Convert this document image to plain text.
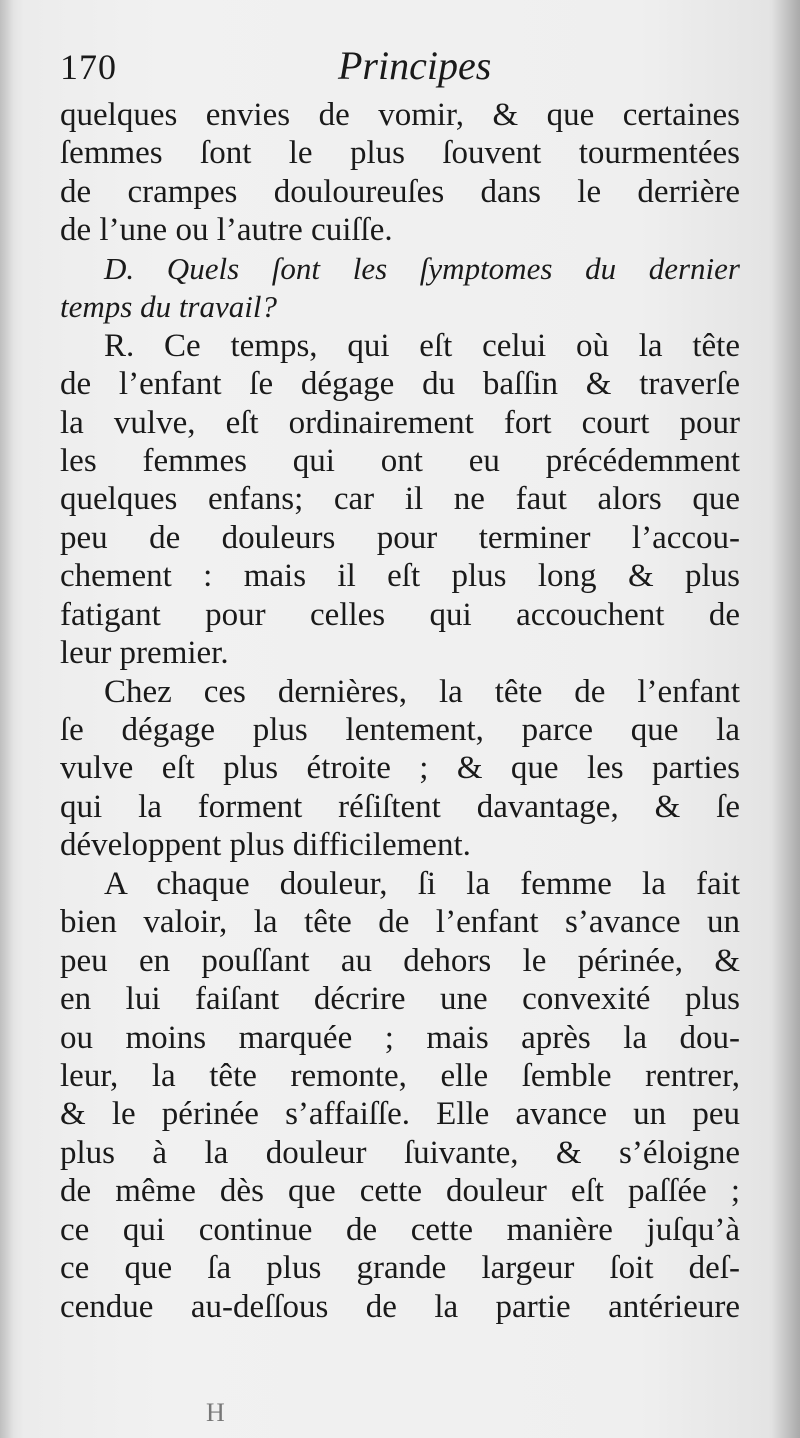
170	Principes
quelques envies de vomir, & que certaines
ſemmes ſont le plus ſouvent tourmentées
de crampes douloureuſes dans le derrière
de l’une ou l’autre cuiſſe.
D. Quels ſont les ſymptomes du dernier
temps du travail?
R. Ce temps, qui eſt celui où la tête
de l’enfant ſe dégage du baſſin & traverſe
la vulve, eſt ordinairement fort court pour
les femmes qui ont eu précédemment
quelques enfans; car il ne faut alors que
peu de douleurs pour terminer l’accou-
chement : mais il eſt plus long & plus
fatigant pour celles qui accouchent de
leur premier.
Chez ces dernières, la tête de l’enfant
ſe dégage plus lentement, parce que la
vulve eſt plus étroite ; & que les parties
qui la forment réſiſtent davantage, & ſe
développent plus difficilement.
A chaque douleur, ſi la femme la fait
bien valoir, la tête de l’enfant s’avance un
peu en pouſſant au dehors le périnée, &
en lui faiſant décrire une convexité plus
ou moins marquée ; mais après la dou-
leur, la tête remonte, elle ſemble rentrer,
& le périnée s’affaiſſe. Elle avance un peu
plus à la douleur ſuivante, & s’éloigne
de même dès que cette douleur eſt paſſée ;
ce qui continue de cette manière juſqu’à
ce que ſa plus grande largeur ſoit deſ-
cendue au-deſſous de la partie antérieure
H
